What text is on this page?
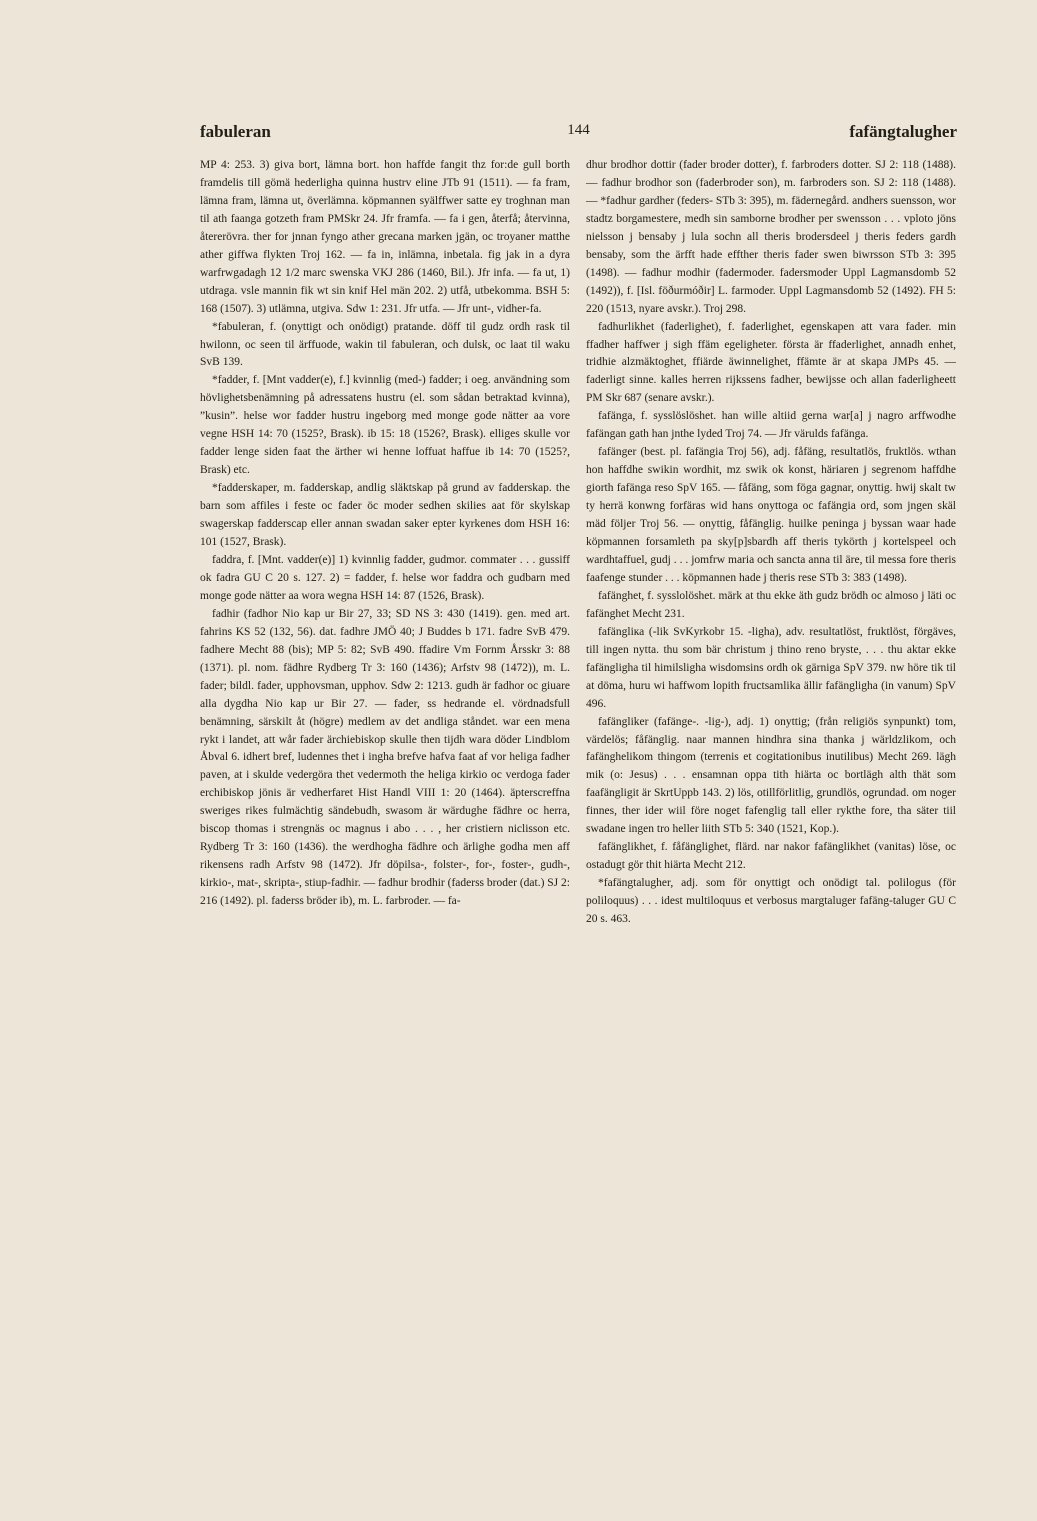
fabuleran	144	fafängtalugher

MP 4: 253. 3) giva bort, lämna bort. hon haffde fangit thz for:de gull borth framdelis till gömä hederligha quinna hustrv eline JTb 91 (1511). — fa fram, lämna fram, lämna ut, överlämna. köpmannen syälffwer satte ey troghnan man til ath faanga gotzeth fram PMSkr 24. Jfr framfa. — fa i gen, återfå; återvinna, återerövra. ther for jnnan fyngo ather grecana marken jgän, oc troyaner matthe ather giffwa flykten Troj 162. — fa in, inlämna, inbetala. fig jak in a dyra warfrwgadagh 12 1/2 marc swenska VKJ 286 (1460, Bil.). Jfr infa. — fa ut, 1) utdraga. vsle mannin fik wt sin knif Hel män 202. 2) utfå, utbekomma. BSH 5: 168 (1507). 3) utlämna, utgiva. Sdw 1: 231. Jfr utfa. — Jfr unt-, vidher-fa.

*fabuleran, f. (onyttigt och onödigt) pratande. döff til gudz ordh rask til hwilonn, oc seen til ärffuode, wakin til fabuleran, och dulsk, oc laat til waku SvB 139.

*fadder, f. [Mnt vadder(e), f.] kvinnlig (med-) fadder; i oeg. användning som hövlighetsbenämning på adressatens hustru (el. som sådan betraktad kvinna), ”kusin”. helse wor fadder hustru ingeborg med monge gode nätter aa vore vegne HSH 14: 70 (1525?, Brask). ib 15: 18 (1526?, Brask). elliges skulle vor fadder lenge siden faat the ärther wi henne loffuat haffue ib 14: 70 (1525?, Brask) etc.

*fadderskaper, m. fadderskap, andlig släktskap på grund av fadderskap. the barn som affiles i feste oc fader öc moder sedhen skilies aat för skylskap swagerskap fadderscap eller annan swadan saker epter kyrkenes dom HSH 16: 101 (1527, Brask).

faddra, f. [Mnt. vadder(e)] 1) kvinnlig fadder, gudmor. commater . . . gussiff ok fadra GU C 20 s. 127. 2) = fadder, f. helse wor faddra och gudbarn med monge gode nätter aa wora wegna HSH 14: 87 (1526, Brask).

fadhir (fadhor Nio kap ur Bir 27, 33; SD NS 3: 430 (1419). gen. med art. fahrins KS 52 (132, 56). dat. fadhre JMÖ 40; J Buddes b 171. fadre SvB 479. fadhere Mecht 88 (bis); MP 5: 82; SvB 490. ffadire Vm Fornm Årsskr 3: 88 (1371). pl. nom. fädhre Rydberg Tr 3: 160 (1436); Arfstv 98 (1472)), m. L. fader; bildl. fader, upphovsman, upphov. Sdw 2: 1213. gudh är fadhor oc giuare alla dygdha Nio kap ur Bir 27. — fader, ss hedrande el. vördnadsfull benämning, särskilt åt (högre) medlem av det andliga ståndet. war een mena rykt i landet, att wår fader ärchiebiskop skulle then tijdh wara döder Lindblom Åbval 6. idhert bref, ludennes thet i ingha brefve hafva faat af vor heliga fadher paven, at i skulde vedergöra thet vedermoth the heliga kirkio oc verdoga fader erchibiskop jönis är vedherfaret Hist Handl VIII 1: 20 (1464). äpterscreffna sweriges rikes fulmächtig sändebudh, swasom är wärdughe fädhre oc herra, biscop thomas i strengnäs oc magnus i abo . . . , her cristiern niclisson etc. Rydberg Tr 3: 160 (1436). the werdhogha fädhre och ärlighe godha men aff rikensens radh Arfstv 98 (1472). Jfr döpilsa-, folster-, for-, foster-, gudh-, kirkio-, mat-, skripta-, stiup-fadhir. — fadhur brodhir (faderss broder (dat.) SJ 2: 216 (1492). pl. faderss bröder ib), m. L. farbroder. — fa-

dhur brodhor dottir (fader broder dotter), f. farbroders dotter. SJ 2: 118 (1488). — fadhur brodhor son (faderbroder son), m. farbroders son. SJ 2: 118 (1488). — *fadhur gardher (feders- STb 3: 395), m. fädernegård. andhers suensson, wor stadtz borgamestere, medh sin samborne brodher per swensson . . . vploto jöns nielsson j bensaby j lula sochn all theris brodersdeel j theris feders gardh bensaby, som the ärfft hade effther theris fader swen biwrsson STb 3: 395 (1498). — fadhur modhir (fadermoder. fadersmoder Uppl Lagmansdomb 52 (1492)), f. [Isl. föðurmóðir] L. farmoder. Uppl Lagmansdomb 52 (1492). FH 5: 220 (1513, nyare avskr.). Troj 298.

fadhurlikhet (faderlighet), f. faderlighet, egenskapen att vara fader. min ffadher haffwer j sigh ffäm egeligheter. första är ffaderlighet, annadh enhet, tridhie alzmäktoghet, ffiärde äwinnelighet, ffämte är at skapa JMPs 45. — faderligt sinne. kalles herren rijkssens fadher, bewijsse och allan faderligheett PM Skr 687 (senare avskr.).

fafänga, f. sysslöslöshet. han wille altiid gerna war[a] j nagro arffwodhe fafängan gath han jnthe lyded Troj 74. — Jfr värulds fafänga.

fafänger (best. pl. fafängia Troj 56), adj. fåfäng, resultatlös, fruktlös. wthan hon haffdhe swikin wordhit, mz swik ok konst, häriaren j segrenom haffdhe giorth fafänga reso SpV 165. — fåfäng, som föga gagnar, onyttig. hwij skalt tw ty herrä konwng forfäras wid hans onyttoga oc fafängia ord, som jngen skäl mäd följer Troj 56. — onyttig, fåfänglig. huilke peninga j byssan waar hade köpmannen forsamleth pa sky[p]sbardh aff theris tykörth j kortelspeel och wardhtaffuel, gudj . . . jomfrw maria och sancta anna til äre, til messa fore theris faafenge stunder . . . köpmannen hade j theris rese STb 3: 383 (1498).

fafänghet, f. sysslolöshet. märk at thu ekke äth gudz brödh oc almoso j läti oc fafänghet Mecht 231.

fafängliка (-lik SvKyrkobr 15. -ligha), adv. resultatlöst, fruktlöst, förgäves, till ingen nytta. thu som bär christum j thino reno bryste, . . . thu aktar ekke fafängligha til himilsligha wisdomsins ordh ok gärniga SpV 379. nw höre tik til at döma, huru wi haffwom lopith fructsamlika ällir fafängligha (in vanum) SpV 496.

fafängliker (fafänge-. -lig-), adj. 1) onyttig; (från religiös synpunkt) tom, värdelös; fåfänglig. naar mannen hindhra sina thanka j wärldzlikom, och fafänghelikom thingom (terrenis et cogitationibus inutilibus) Mecht 269. lägh mik (o: Jesus) . . . ensamnan oppa tith hiärta oc bortlägh alth thät som faafängligit är SkrtUppb 143. 2) lös, otillförlitlig, grundlös, ogrundad. om noger finnes, ther ider wiil före noget fafenglig tall eller rykthe fore, tha säter tiil swadane ingen tro heller liith STb 5: 340 (1521, Kop.).

fafänglikhet, f. fåfänglighet, flärd. nar nakor fafänglikhet (vanitas) löse, oc ostadugt gör thit hiärta Mecht 212.

*fafängtalugher, adj. som för onyttigt och onödigt tal. polilogus (för poliloquus) . . . idest multiloquus et verbosus margtaluger fafäng-taluger GU C 20 s. 463.
